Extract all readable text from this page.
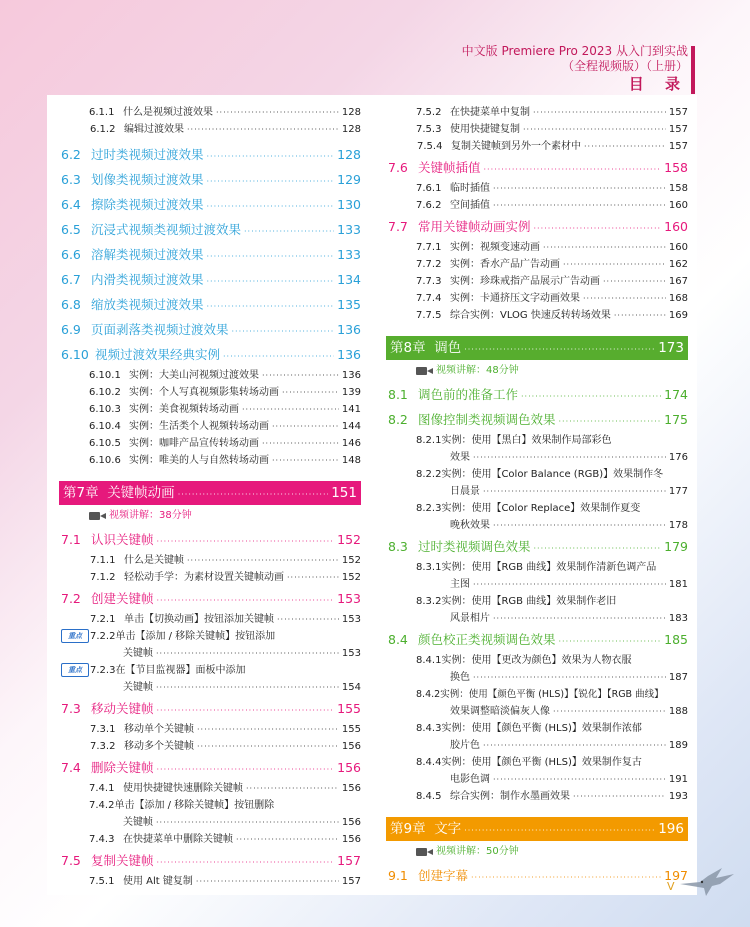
中文版 Premiere Pro 2023 从入门到实战
（全程视频版）（上册）
目 录
6.1.1 什么是视频过渡效果 ·····	128
6.1.2 编辑过渡效果 ·····	128
6.2 过时类视频过渡效果 ·····	128
6.3 划像类视频过渡效果 ·····	129
6.4 擦除类视频过渡效果 ·····	130
6.5 沉浸式视频类视频过渡效果 ·····	133
6.6 溶解类视频过渡效果 ·····	133
6.7 内滑类视频过渡效果 ·····	134
6.8 缩放类视频过渡效果 ·····	135
6.9 页面剥落类视频过渡效果 ·····	136
6.10 视频过渡效果经典实例 ·····	136
6.10.1 实例：大美山河视频过渡效果 ·····	136
6.10.2 实例：个人写真视频影集转场动画 ·····	139
6.10.3 实例：美食视频转场动画 ·····	141
6.10.4 实例：生活类个人视频转场动画 ·····	144
6.10.5 实例：咖啡产品宣传转场动画 ·····	146
6.10.6 实例：唯美的人与自然转场动画 ·····	148
第7章 关键帧动画 ·····	151
视频讲解：38分钟
7.1 认识关键帧 ·····	152
7.1.1 什么是关键帧 ·····	152
7.1.2 轻松动手学：为素材设置关键帧动画 ·····	152
7.2 创建关键帧 ·····	153
7.2.1 单击【切换动画】按钮添加关键帧 ·····	153
重点 7.2.2单击【添加 / 移除关键帧】按钮添加
关键帧 ·····	153
重点 7.2.3在【节目监视器】面板中添加
关键帧 ·····	154
7.3 移动关键帧 ·····	155
7.3.1 移动单个关键帧 ·····	155
7.3.2 移动多个关键帧 ·····	156
7.4 删除关键帧 ·····	156
7.4.1 使用快捷键快速删除关键帧 ·····	156
7.4.2单击【添加 / 移除关键帧】按钮删除
关键帧 ·····	156
7.4.3 在快捷菜单中删除关键帧 ·····	156
7.5 复制关键帧 ·····	157
7.5.1 使用 Alt 键复制 ·····	157
7.5.2 在快捷菜单中复制 ·····	157
7.5.3 使用快捷键复制 ·····	157
7.5.4 复制关键帧到另外一个素材中 ·····	157
7.6 关键帧插值 ·····	158
7.6.1 临时插值 ·····	158
7.6.2 空间插值 ·····	160
7.7 常用关键帧动画实例 ·····	160
7.7.1 实例：视频变速动画 ·····	160
7.7.2 实例：香水产品广告动画 ·····	162
7.7.3 实例：珍珠戒指产品展示广告动画 ·····	167
7.7.4 实例：卡通挤压文字动画效果 ·····	168
7.7.5 综合实例：VLOG 快速反转转场效果 ·····	169
第8章 调色 ·····	173
视频讲解：48分钟
8.1 调色前的准备工作 ·····	174
8.2 图像控制类视频调色效果 ·····	175
8.2.1实例：使用【黑白】效果制作局部彩色
效果 ·····	176
8.2.2实例：使用【Color Balance (RGB)】效果制作冬
日晨景 ·····	177
8.2.3实例：使用【Color Replace】效果制作夏变
晚秋效果 ·····	178
8.3 过时类视频调色效果 ·····	179
8.3.1实例：使用【RGB 曲线】效果制作清新色调产品
主图 ·····	181
8.3.2实例：使用【RGB 曲线】效果制作老旧
风景相片 ·····	183
8.4 颜色校正类视频调色效果 ·····	185
8.4.1实例：使用【更改为颜色】效果为人物衣服
换色 ·····	187
8.4.2实例：使用【颜色平衡 (HLS)】【锐化】【RGB 曲线】
效果调整暗淡偏灰人像 ·····	188
8.4.3实例：使用【颜色平衡 (HLS)】效果制作浓郁
胶片色 ·····	189
8.4.4实例：使用【颜色平衡 (HLS)】效果制作复古
电影色调 ·····	191
8.4.5 综合实例：制作水墨画效果 ·····	193
第9章 文字 ·····	196
视频讲解：50分钟
9.1 创建字幕 ·····	197
V
